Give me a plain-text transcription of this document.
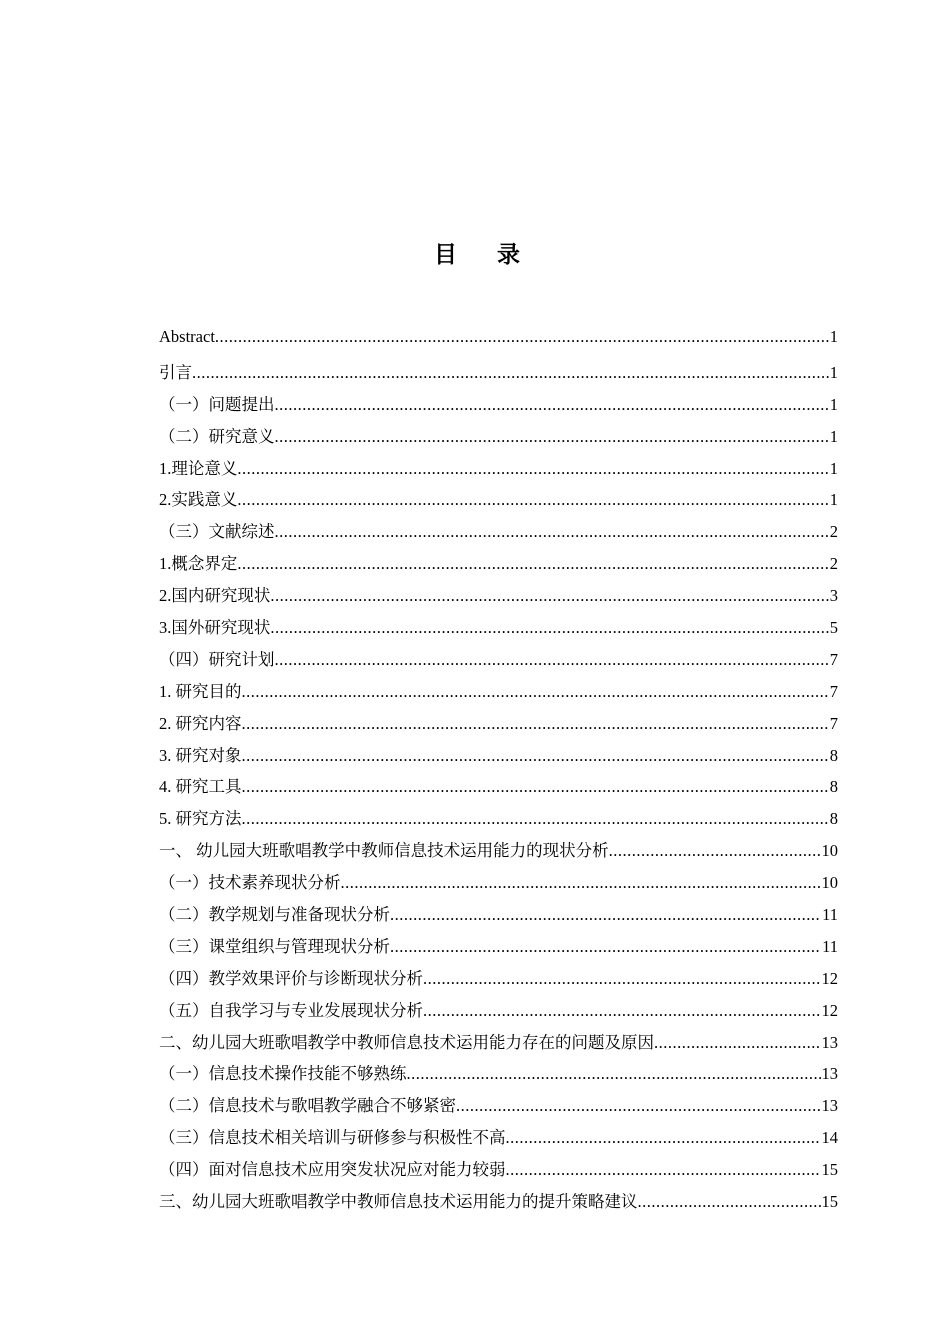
目 录
Abstract .....	1
引言 .....	1
（一）问题提出 .....	1
（二）研究意义 .....	1
1.理论意义 .....	1
2.实践意义 .....	1
（三）文献综述 .....	2
1.概念界定 .....	2
2.国内研究现状 .....	3
3.国外研究现状 .....	5
（四）研究计划 .....	7
1. 研究目的 .....	7
2. 研究内容 .....	7
3. 研究对象 .....	8
4. 研究工具 .....	8
5. 研究方法 .....	8
一、 幼儿园大班歌唱教学中教师信息技术运用能力的现状分析 .....	10
（一）技术素养现状分析 .....	10
（二）教学规划与准备现状分析 .....	11
（三）课堂组织与管理现状分析 .....	11
（四）教学效果评价与诊断现状分析 .....	12
（五）自我学习与专业发展现状分析 .....	12
二、幼儿园大班歌唱教学中教师信息技术运用能力存在的问题及原因 .....	13
（一）信息技术操作技能不够熟练 .....	13
（二）信息技术与歌唱教学融合不够紧密 .....	13
（三）信息技术相关培训与研修参与积极性不高 .....	14
（四）面对信息技术应用突发状况应对能力较弱 .....	15
三、幼儿园大班歌唱教学中教师信息技术运用能力的提升策略建议 .....	15
